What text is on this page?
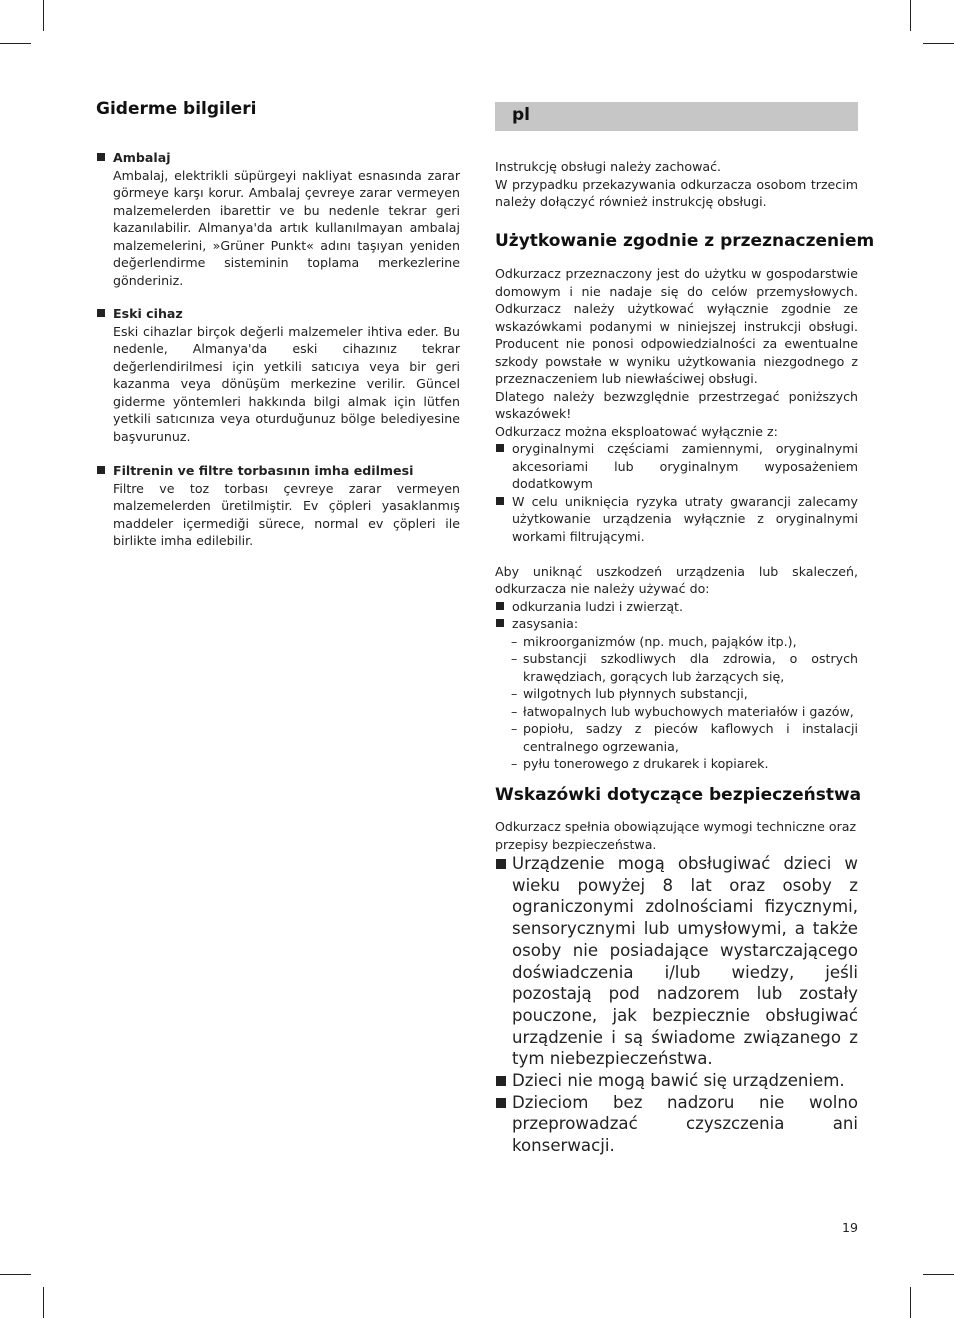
Giderme bilgileri
Ambalaj

Ambalaj, elektrikli süpürgeyi nakliyat esnasında zarar görmeye karşı korur. Ambalaj çevreye zarar vermeyen malzemelerden ibarettir ve bu nedenle tekrar geri kazanılabilir. Almanya'da artık kullanılmayan ambalaj malzemelerini, »Grüner Punkt« adını taşıyan yeniden değerlendirme sisteminin toplama merkezlerine gönderiniz.

Eski cihaz

Eski cihazlar birçok değerli malzemeler ihtiva eder. Bu nedenle, Almanya'da eski cihazınız tekrar değerlendirilmesi için yetkili satıcıya veya bir geri kazanma veya dönüşüm merkezine verilir. Güncel giderme yöntemleri hakkında bilgi almak için lütfen yetkili satıcınıza veya oturduğunuz bölge belediyesine başvurunuz.

Filtrenin ve filtre torbasının imha edilmesi

Filtre ve toz torbası çevreye zarar vermeyen malzemelerden üretilmiştir. Ev çöpleri yasaklanmış maddeler içermediği sürece, normal ev çöpleri ile birlikte imha edilebilir.

pl

Instrukcję obsługi należy zachować.

W przypadku przekazywania odkurzacza osobom trzecim należy dołączyć również instrukcję obsługi.

Użytkowanie zgodnie z przeznaczeniem

Odkurzacz przeznaczony jest do użytku w gospodarstwie domowym i nie nadaje się do celów przemysłowych. Odkurzacz należy użytkować wyłącznie zgodnie ze wskazówkami podanymi w niniejszej instrukcji obsługi. Producent nie ponosi odpowiedzialności za ewentualne szkody powstałe w wyniku użytkowania niezgodnego z przeznaczeniem lub niewłaściwej obsługi.

Dlatego należy bezwzględnie przestrzegać poniższych wskazówek!

Odkurzacz można eksploatować wyłącznie z:

oryginalnymi częściami zamiennymi, oryginalnymi akcesoriami lub oryginalnym wyposażeniem dodatkowym

W celu uniknięcia ryzyka utraty gwarancji zalecamy użytkowanie urządzenia wyłącznie z oryginalnymi workami filtrującymi.

Aby uniknąć uszkodzeń urządzenia lub skaleczeń, odkurzacza nie należy używać do:

odkurzania ludzi i zwierząt.

zasysania:

– mikroorganizmów (np. much, pająków itp.),

– substancji szkodliwych dla zdrowia, o ostrych krawędziach, gorących lub żarzących się,

– wilgotnych lub płynnych substancji,

– łatwopalnych lub wybuchowych materiałów i gazów,

– popiołu, sadzy z pieców kaflowych i instalacji centralnego ogrzewania,

– pyłu tonerowego z drukarek i kopiarek.

Wskazówki dotyczące bezpieczeństwa

Odkurzacz spełnia obowiązujące wymogi techniczne oraz przepisy bezpieczeństwa.

Urządzenie mogą obsługiwać dzieci w wieku powyżej 8 lat oraz osoby z ograniczonymi zdolnościami fizycznymi, sensorycznymi lub umysłowymi, a także osoby nie posiadające wystarczającego doświadczenia i/lub wiedzy, jeśli pozostają pod nadzorem lub zostały pouczone, jak bezpiecznie obsługiwać urządzenie i są świadome związanego z tym niebezpieczeństwa.

Dzieci nie mogą bawić się urządzeniem.

Dzieciom bez nadzoru nie wolno przeprowadzać czyszczenia ani konserwacji.

19
